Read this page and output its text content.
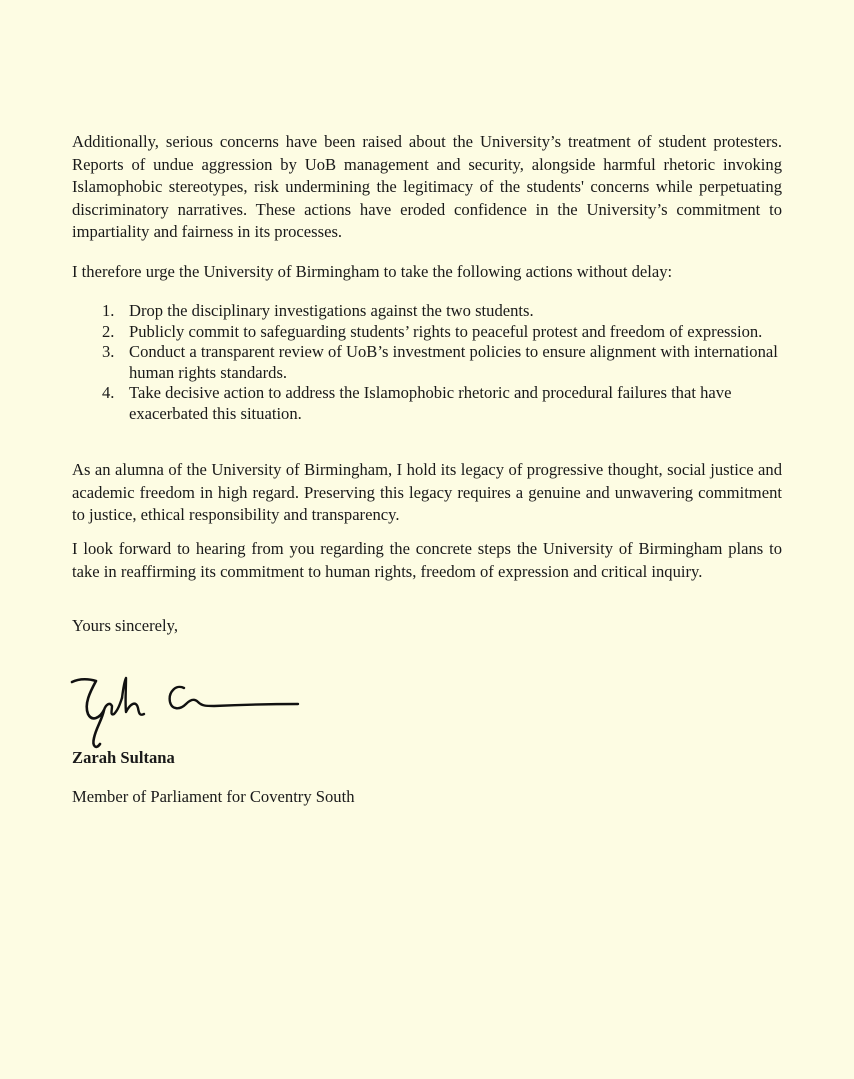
Additionally, serious concerns have been raised about the University’s treatment of student protesters. Reports of undue aggression by UoB management and security, alongside harmful rhetoric invoking Islamophobic stereotypes, risk undermining the legitimacy of the students' concerns while perpetuating discriminatory narratives. These actions have eroded confidence in the University’s commitment to impartiality and fairness in its processes.

I therefore urge the University of Birmingham to take the following actions without delay:

1. Drop the disciplinary investigations against the two students.
2. Publicly commit to safeguarding students’ rights to peaceful protest and freedom of expression.
3. Conduct a transparent review of UoB’s investment policies to ensure alignment with international human rights standards.
4. Take decisive action to address the Islamophobic rhetoric and procedural failures that have exacerbated this situation.

As an alumna of the University of Birmingham, I hold its legacy of progressive thought, social justice and academic freedom in high regard. Preserving this legacy requires a genuine and unwavering commitment to justice, ethical responsibility and transparency.

I look forward to hearing from you regarding the concrete steps the University of Birmingham plans to take in reaffirming its commitment to human rights, freedom of expression and critical inquiry.

Yours sincerely,
Zarah Sultana
Member of Parliament for Coventry South
